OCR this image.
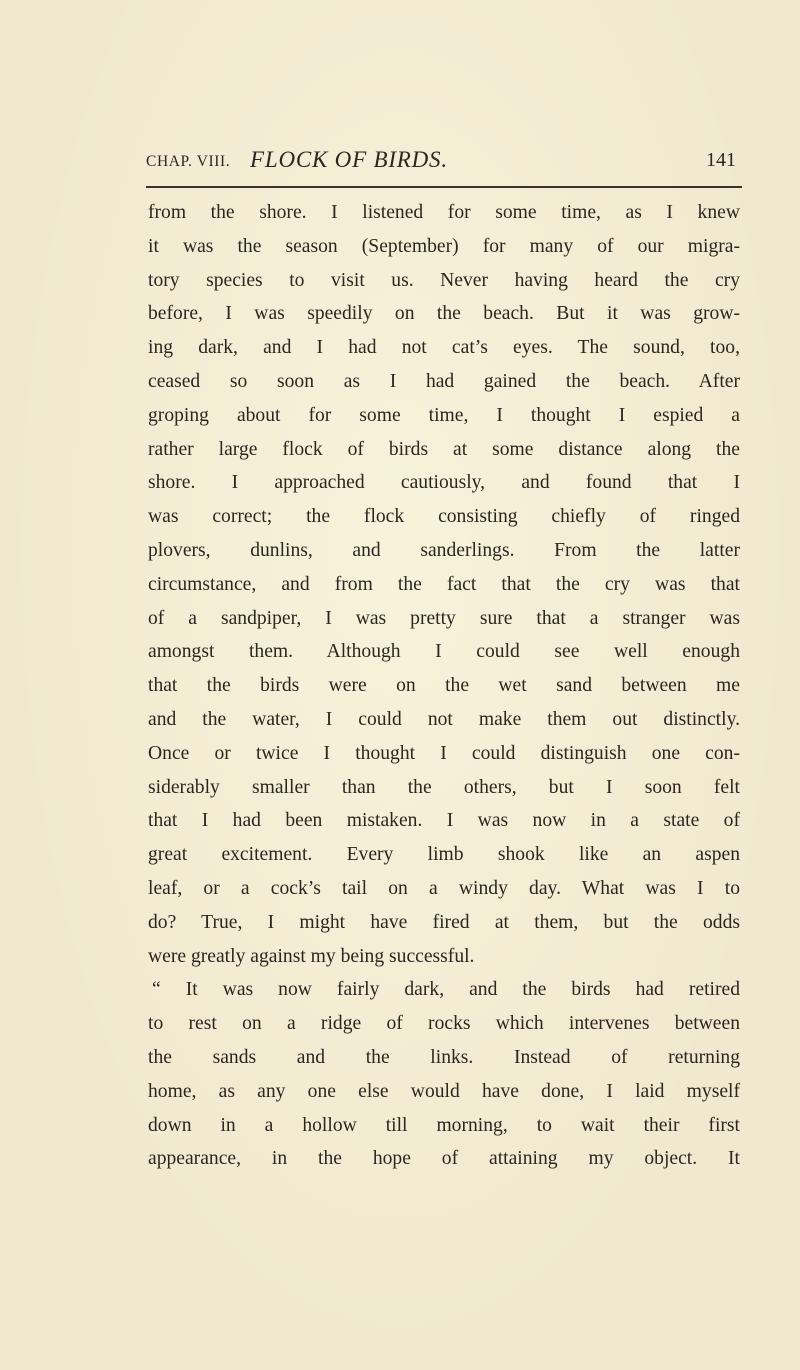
CHAP. VIII. FLOCK OF BIRDS.	141
from the shore. I listened for some time, as I knew
it was the season (September) for many of our migra-
tory species to visit us. Never having heard the cry
before, I was speedily on the beach. But it was grow-
ing dark, and I had not cat’s eyes. The sound, too,
ceased so soon as I had gained the beach. After
groping about for some time, I thought I espied a
rather large flock of birds at some distance along the
shore. I approached cautiously, and found that I
was correct; the flock consisting chiefly of ringed
plovers, dunlins, and sanderlings. From the latter
circumstance, and from the fact that the cry was that
of a sandpiper, I was pretty sure that a stranger was
amongst them. Although I could see well enough
that the birds were on the wet sand between me
and the water, I could not make them out distinctly.
Once or twice I thought I could distinguish one con-
siderably smaller than the others, but I soon felt
that I had been mistaken. I was now in a state of
great excitement. Every limb shook like an aspen
leaf, or a cock’s tail on a windy day. What was I to
do? True, I might have fired at them, but the odds
were greatly against my being successful.
“ It was now fairly dark, and the birds had retired
to rest on a ridge of rocks which intervenes between
the sands and the links. Instead of returning
home, as any one else would have done, I laid myself
down in a hollow till morning, to wait their first
appearance, in the hope of attaining my object. It
